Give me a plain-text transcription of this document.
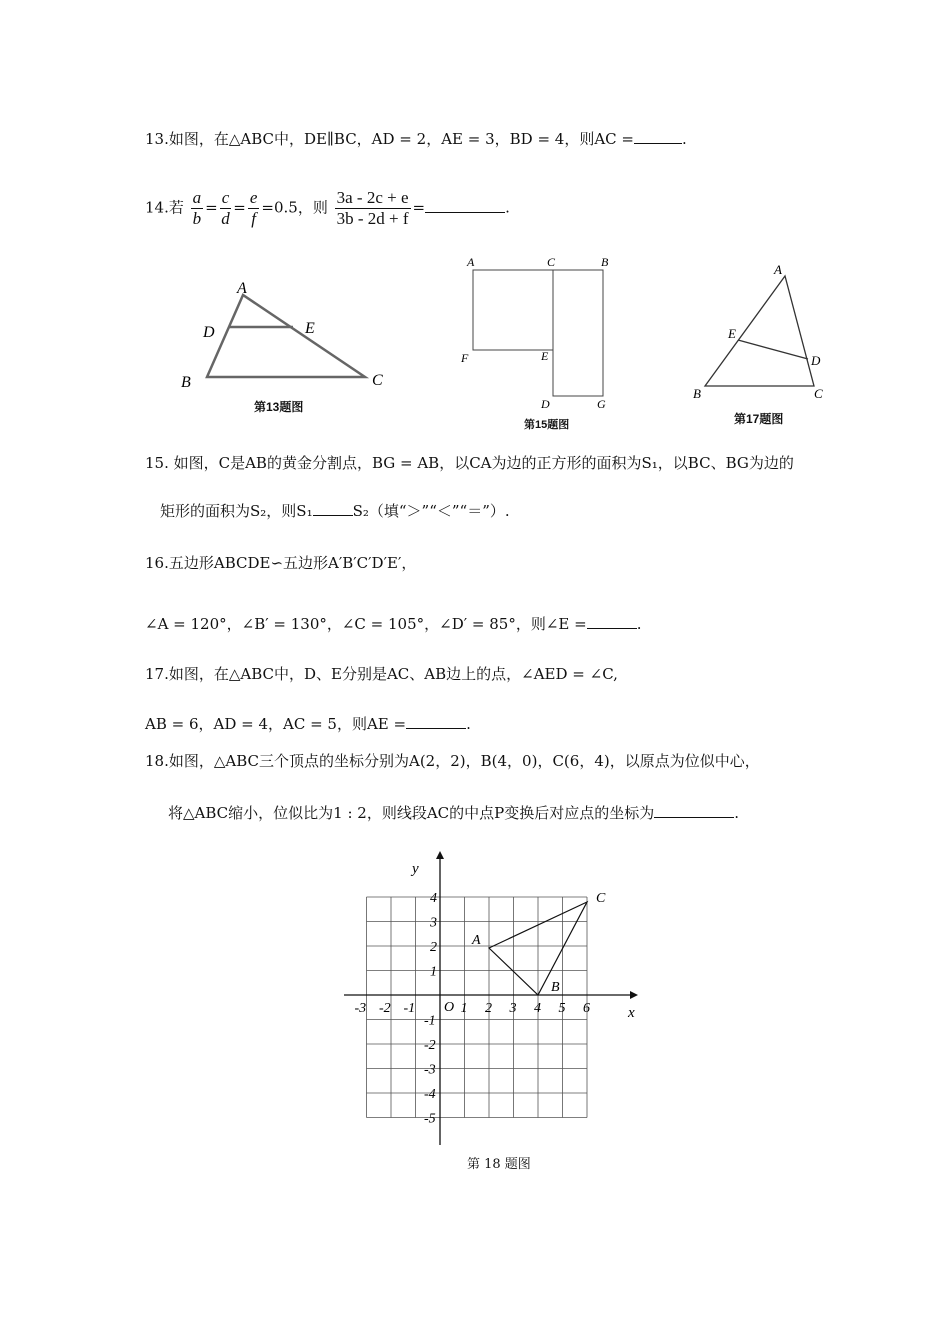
13.如图，在△ABC中，DE∥BC，AD = 2，AE = 3，BD = 4，则AC =	.
14.若 $\frac{a}{b} = \frac{c}{d} = \frac{e}{f} =0.5$，则 $\frac{3a - 2c + e}{3b - 2d + f}$ =	.
A
D	E
B	C
第13题图
A	C	B
F	E
D	G
第15题图
A
E
D
B	C
第17题图
15. 如图，C是AB的黄金分割点，BG = AB，以CA为边的正方形的面积为S₁，以BC、BG为边的
矩形的面积为S₂，则S₁	S₂（填“＞”“＜”“＝”）.
16.五边形ABCDE∽五边形A′B′C′D′E′，
∠A = 120°，∠B′ = 130°，∠C = 105°，∠D′ = 85°，则∠E =	.
17.如图，在△ABC中，D、E分别是AC、AB边上的点，∠AED = ∠C,
AB = 6，AD = 4，AC = 5，则AE =	.
18.如图，△ABC三个顶点的坐标分别为A(2，2)，B(4，0)，C(6，4)，以原点为位似中心，
将△ABC缩小，位似比为1 : 2，则线段AC的中点P变换后对应点的坐标为	.
x
y
O
A
B
C
-3 -2 -1	1 2 3 4 5 6
4
3
2
1
-1
-2
-3
-4
-5
第 18 题图
